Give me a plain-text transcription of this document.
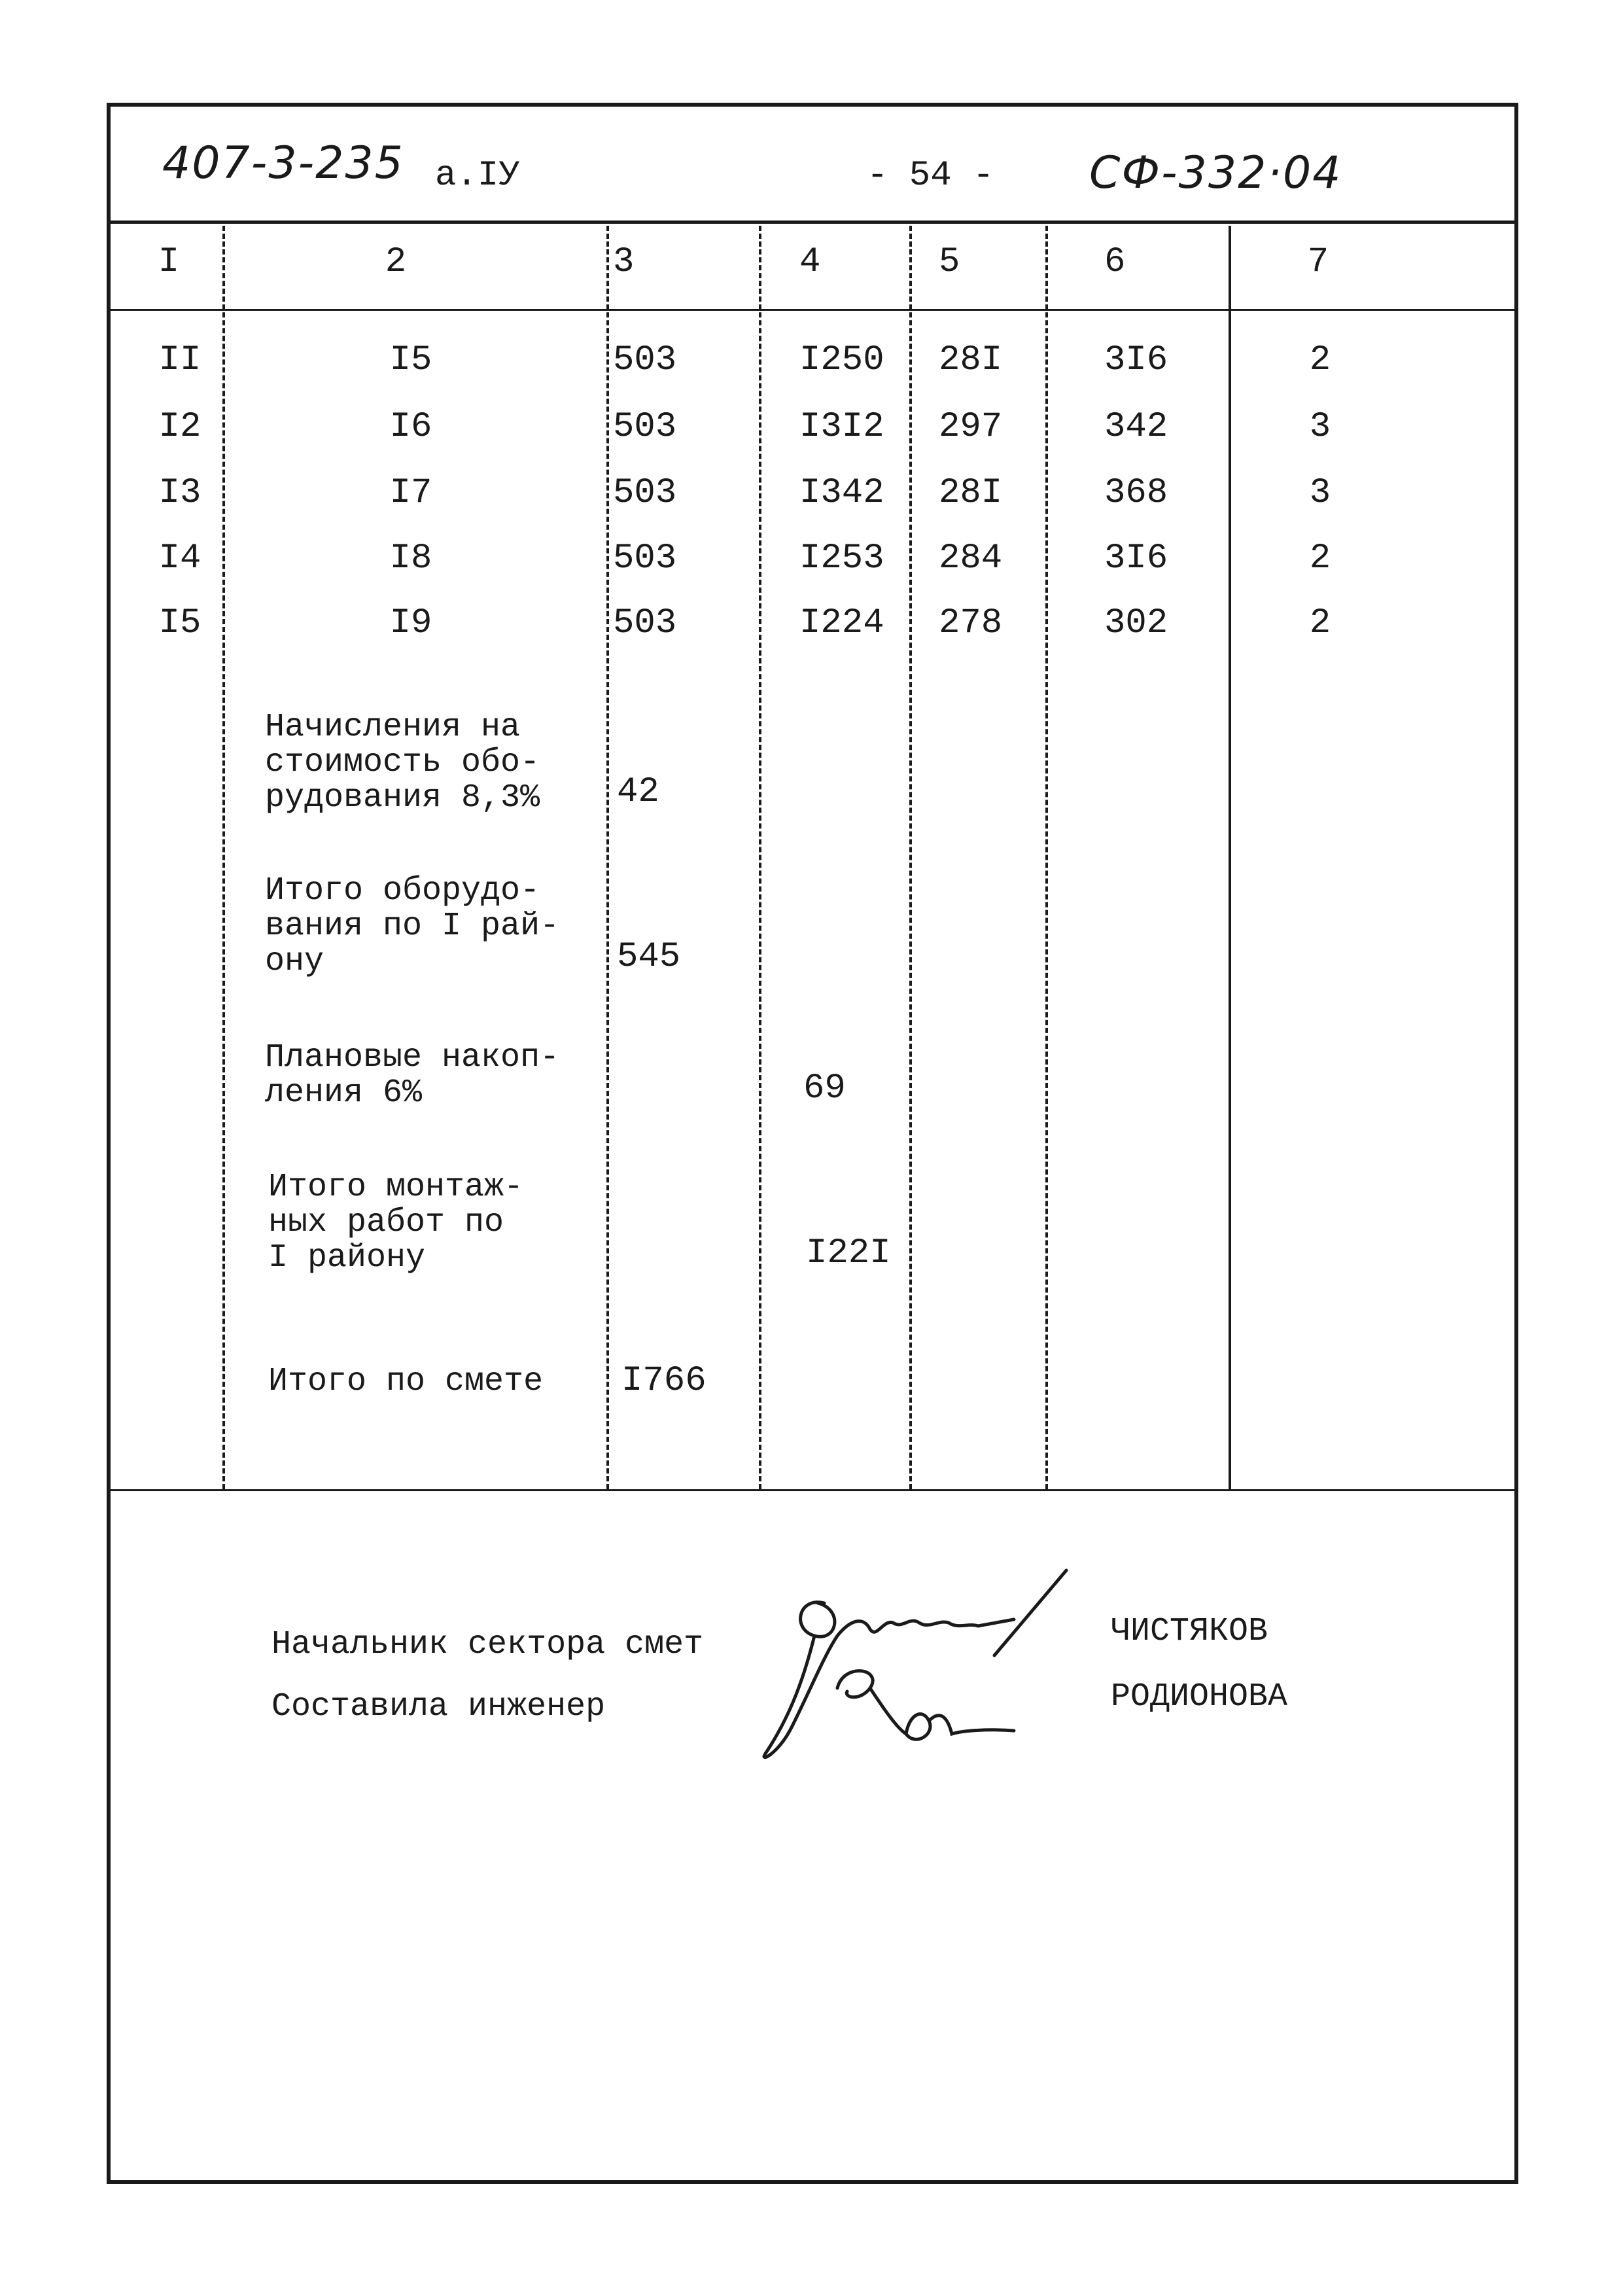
407-3-235 а.IУ	- 54 - СФ-332·04
I	2	3	4	5	6	7
II	I5	503	I250 28I	3I6	2
I2	I6	503	I3I2 297	342	3
I3	I7	503	I342 28I	368	3
I4	I8	503	I253 284	3I6	2
I5	I9	503	I224 278	302	2
Начисления на
стоимость обо-
рудования 8,3% 42
Итого оборудо-
вания по I рай-
ону	545
Плановые накоп-
ления 6%	69
Итого монтаж-
ных работ по
I району	I22I
Итого по смете I766
Начальник сектора смет
Составила инженер
ЧИСТЯКОВ
РОДИОНОВА
